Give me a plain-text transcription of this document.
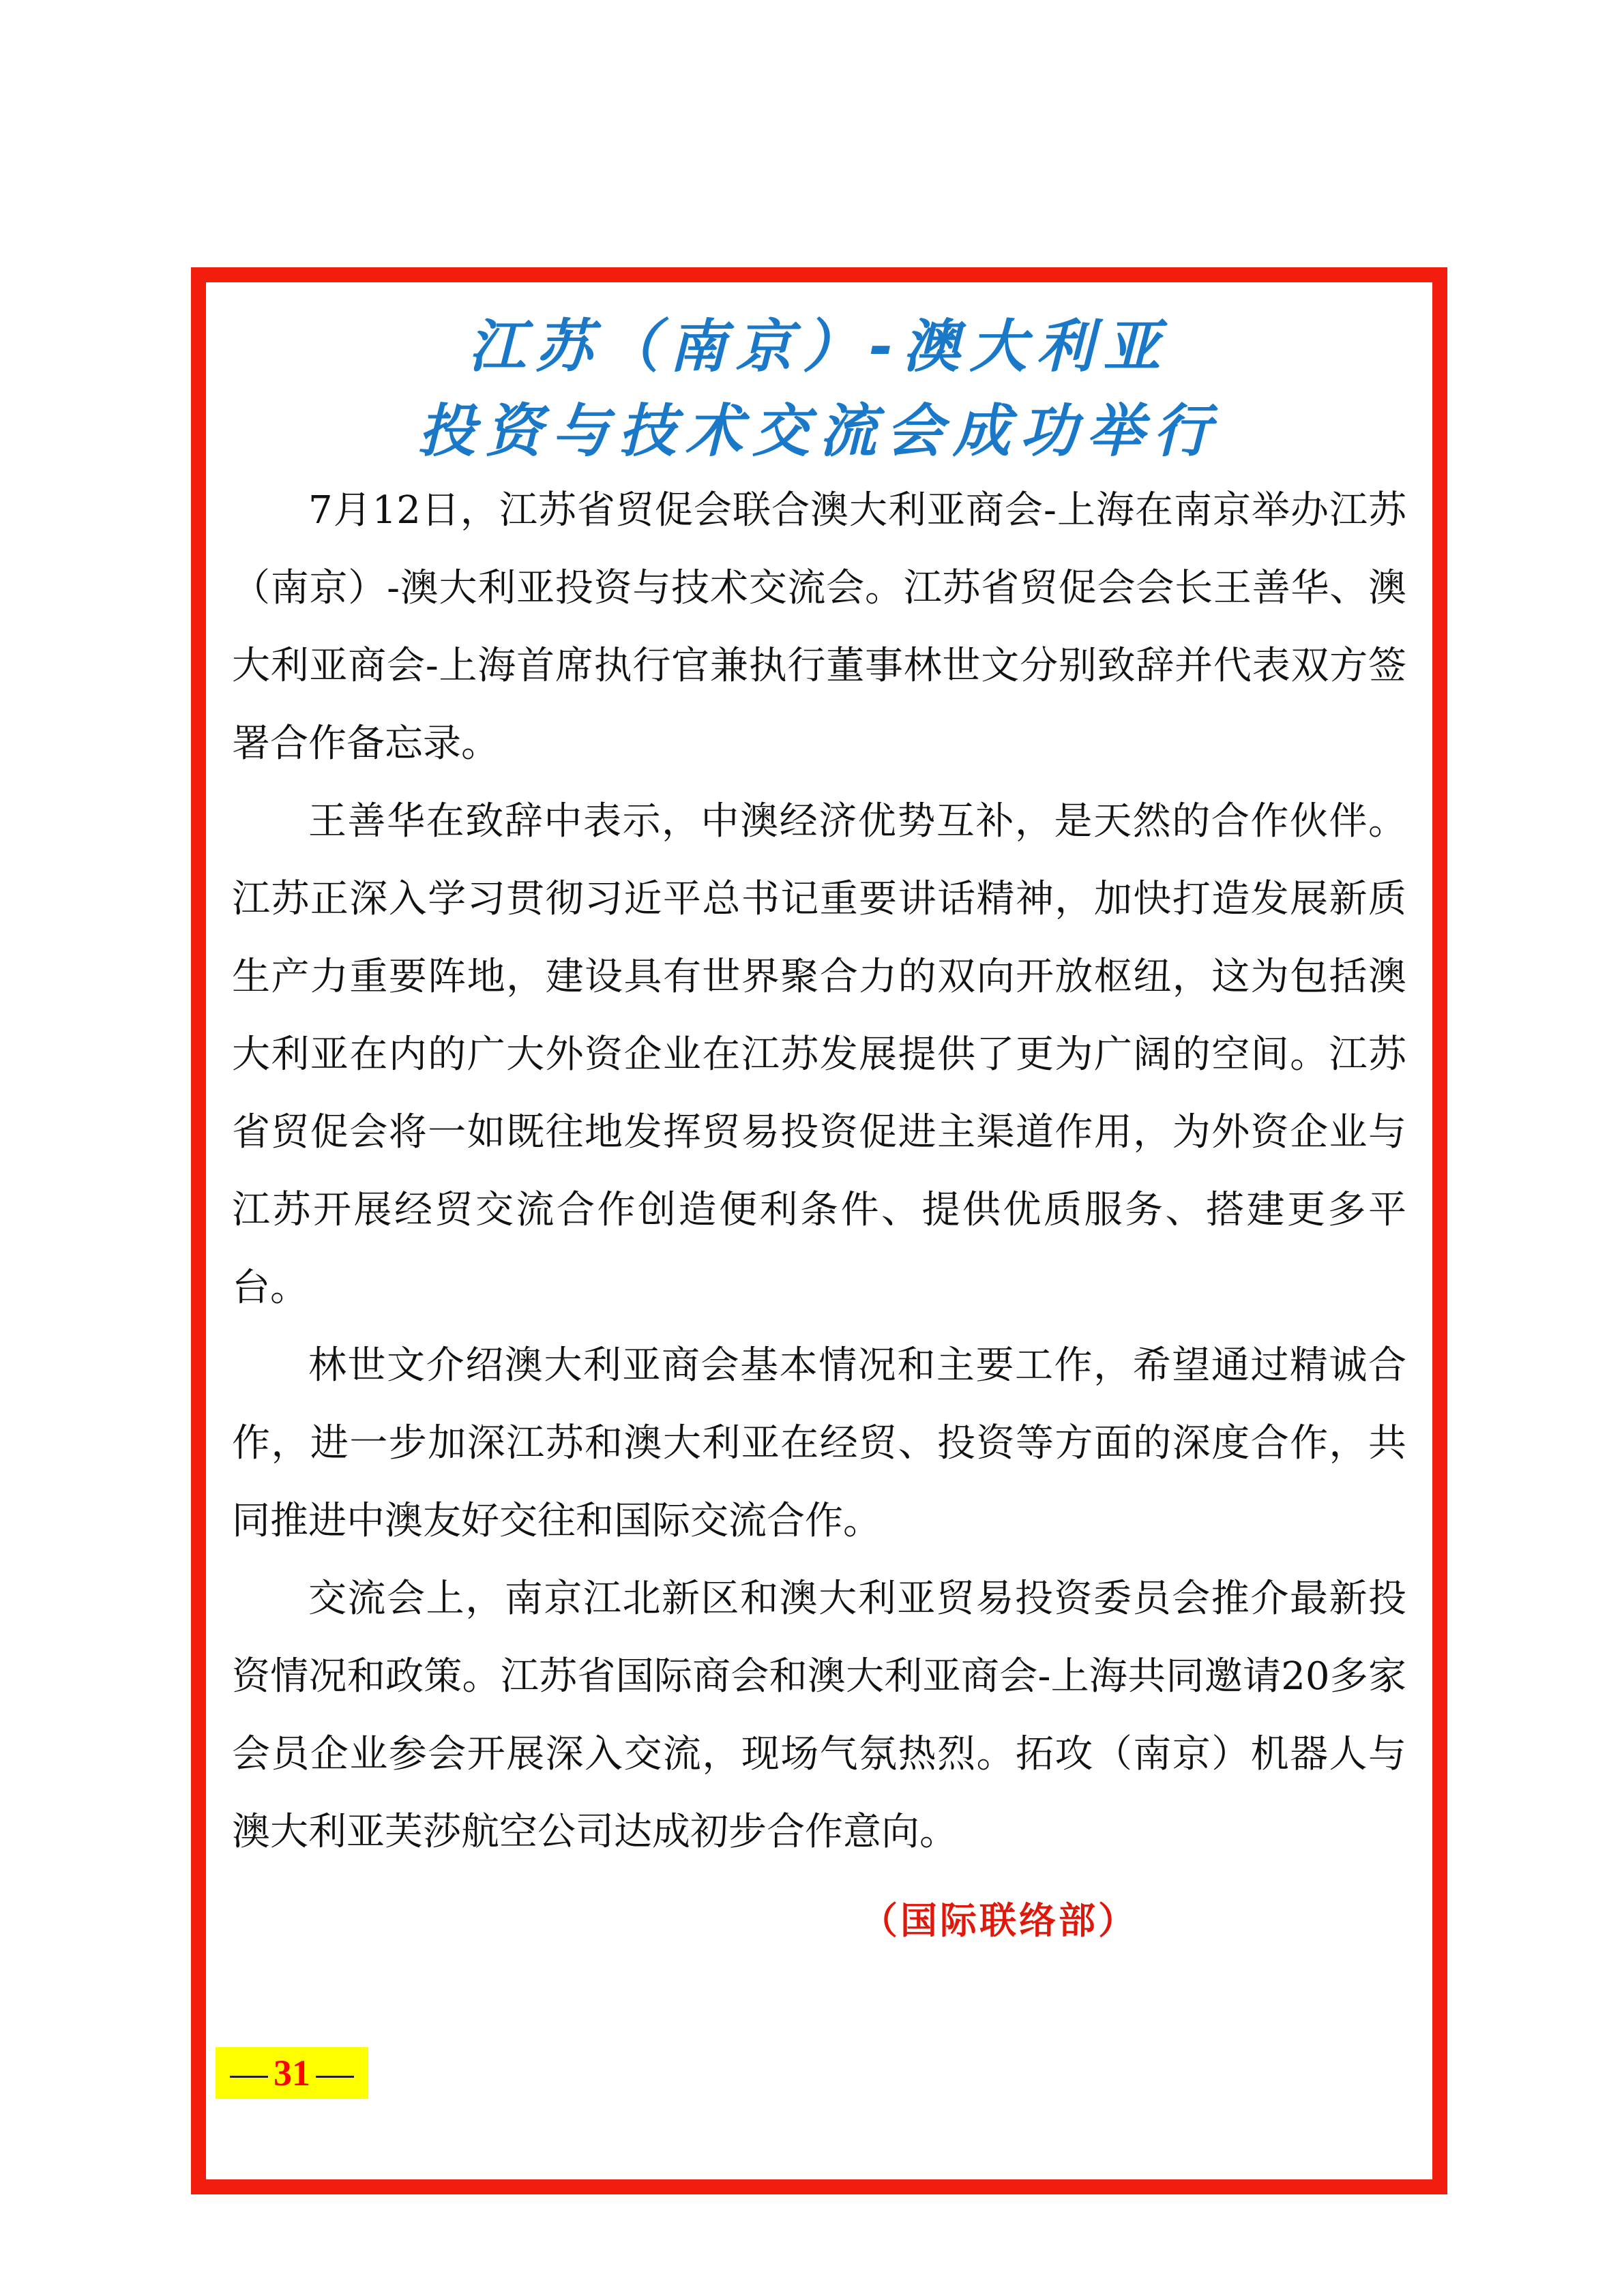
江苏（南京）-澳大利亚
投资与技术交流会成功举行

7月12日，江苏省贸促会联合澳大利亚商会-上海在南京举办江苏（南京）-澳大利亚投资与技术交流会。江苏省贸促会会长王善华、澳大利亚商会-上海首席执行官兼执行董事林世文分别致辞并代表双方签署合作备忘录。

王善华在致辞中表示，中澳经济优势互补，是天然的合作伙伴。江苏正深入学习贯彻习近平总书记重要讲话精神，加快打造发展新质生产力重要阵地，建设具有世界聚合力的双向开放枢纽，这为包括澳大利亚在内的广大外资企业在江苏发展提供了更为广阔的空间。江苏省贸促会将一如既往地发挥贸易投资促进主渠道作用，为外资企业与江苏开展经贸交流合作创造便利条件、提供优质服务、搭建更多平台。

林世文介绍澳大利亚商会基本情况和主要工作，希望通过精诚合作，进一步加深江苏和澳大利亚在经贸、投资等方面的深度合作，共同推进中澳友好交往和国际交流合作。

交流会上，南京江北新区和澳大利亚贸易投资委员会推介最新投资情况和政策。江苏省国际商会和澳大利亚商会-上海共同邀请20多家会员企业参会开展深入交流，现场气氛热烈。拓攻（南京）机器人与澳大利亚芙莎航空公司达成初步合作意向。

（国际联络部）
31
